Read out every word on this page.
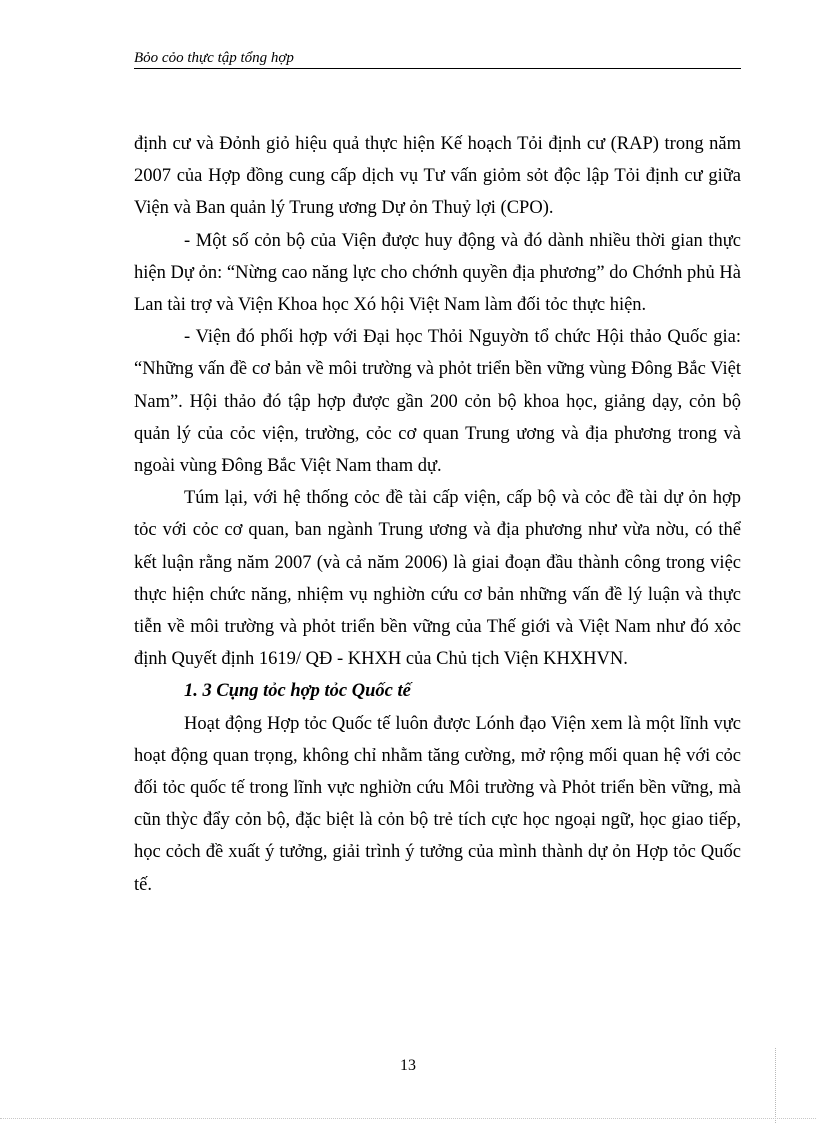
Bỏo cỏo thực tập tổng hợp

định cư và Đỏnh giỏ hiệu quả thực hiện Kế hoạch Tỏi định cư (RAP) trong năm 2007 của Hợp đồng cung cấp dịch vụ Tư vấn giỏm sỏt độc lập Tỏi định cư giữa Viện và Ban quản lý Trung ương Dự ỏn Thuỷ lợi (CPO).

- Một số cỏn bộ của Viện được huy động và đó dành nhiều thời gian thực hiện Dự ỏn: “Nừng cao năng lực cho chớnh quyền địa phương” do Chớnh phủ Hà Lan tài trợ và Viện Khoa học Xó hội Việt Nam làm đối tỏc thực hiện.

- Viện đó phối hợp với Đại học Thỏi Nguyờn tổ chức Hội thảo Quốc gia: “Những vấn đề cơ bản về môi trường và phỏt triển bền vững vùng Đông Bắc Việt Nam”. Hội thảo đó tập hợp được gần 200 cỏn bộ khoa học, giảng dạy, cỏn bộ quản lý của cỏc viện, trường, cỏc cơ quan Trung ương và địa phương trong và ngoài vùng Đông Bắc Việt Nam tham dự.

Túm lại, với hệ thống cỏc đề tài cấp viện, cấp bộ và cỏc đề tài dự ỏn hợp tỏc với cỏc cơ quan, ban ngành Trung ương và địa phương như vừa nờu, có thể kết luận rằng năm 2007 (và cả năm 2006) là giai đoạn đầu thành công trong việc thực hiện chức năng, nhiệm vụ nghiờn cứu cơ bản những vấn đề lý luận và thực tiễn về môi trường và phỏt triển bền vững của Thế giới và Việt Nam như đó xỏc định Quyết định 1619/ QĐ - KHXH của Chủ tịch Viện KHXHVN.

1. 3 Cụng tỏc hợp tỏc Quốc tế

Hoạt động Hợp tỏc Quốc tế luôn được Lónh đạo Viện xem là một lĩnh vực hoạt động quan trọng, không chỉ nhằm tăng cường, mở rộng mối quan hệ với cỏc đối tỏc quốc tế trong lĩnh vực nghiờn cứu Môi trường và Phỏt triển bền vững, mà cũn thỳc đẩy cỏn bộ, đặc biệt là cỏn bộ trẻ tích cực học ngoại ngữ, học giao tiếp, học cỏch đề xuất ý tưởng, giải trình ý tưởng của mình thành dự ỏn Hợp tỏc Quốc tế.

13
